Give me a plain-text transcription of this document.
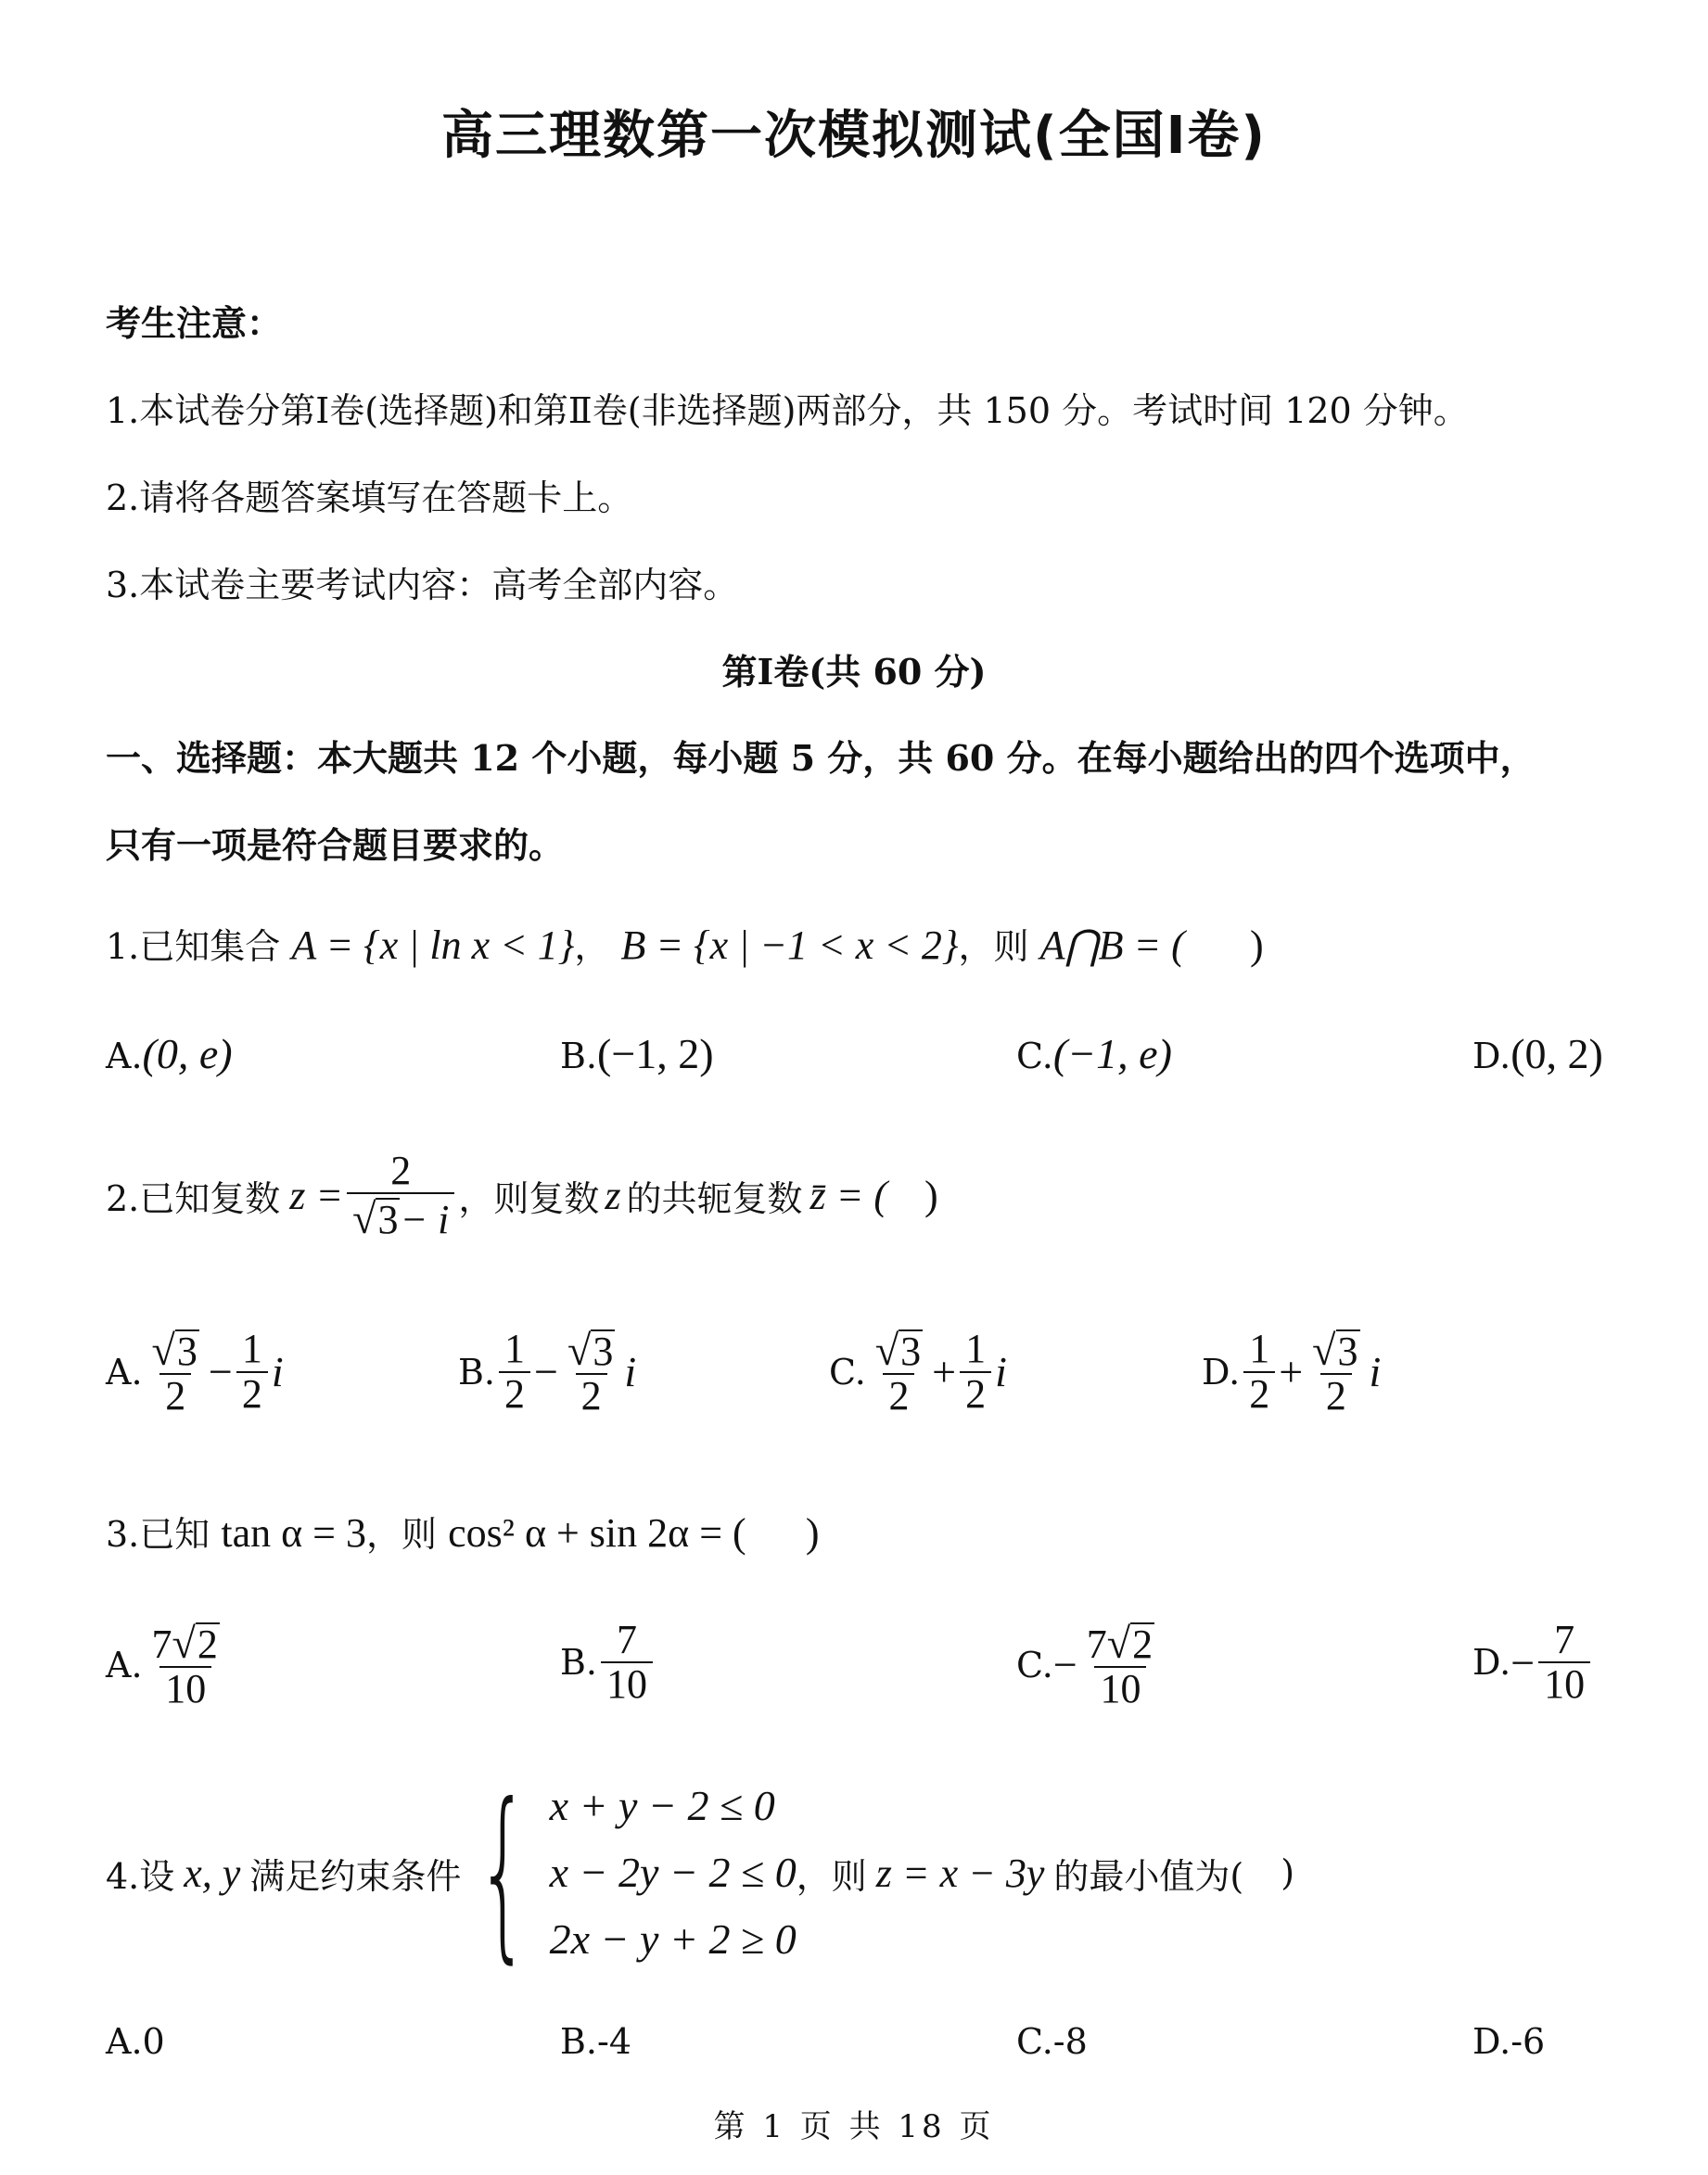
高三理数第一次模拟测试(全国Ⅰ卷)
考生注意：
1.本试卷分第Ⅰ卷(选择题)和第Ⅱ卷(非选择题)两部分，共 150 分。考试时间 120 分钟。
2.请将各题答案填写在答题卡上。
3.本试卷主要考试内容：高考全部内容。
第Ⅰ卷(共 60 分)
一、选择题：本大题共 12 个小题，每小题 5 分，共 60 分。在每小题给出的四个选项中，
只有一项是符合题目要求的。
1.已知集合 A = {x | ln x < 1}， B = {x | −1 < x < 2}，则 A⋂B = ( )
A.(0, e)	B.(−1, 2)	C.(−1, e)	D.(0, 2)
2.已知复数 $z = \frac{2}{√ 3 - i}$ ，则复数 z 的共轭复数 z̄ = ( )
A. $\frac{√ 3}{2} - \frac{1}{2}$ i	B. $\frac{1}{2} - \frac{√ 3}{2}$ i	C. $\frac{√ 3}{2} + \frac{1}{2}$ i	D. $\frac{1}{2} + \frac{√ 3}{2}$ i
3.已知 tan α = 3，则 cos² α + sin 2α = ( )
A. $\frac{7 √ 2}{10}$	B. $\frac{7}{10}$	C. − $\frac{7 √ 2}{10}$	D. − $\frac{7}{10}$
4.设 x, y 满足约束条件 { x + y − 2 ≤ 0
x − 2y − 2 ≤ 0
2x − y + 2 ≥ 0
，则 z = x − 3y 的最小值为( )
A.0	B.-4	C.-8	D.-6
第 1 页 共 18 页
